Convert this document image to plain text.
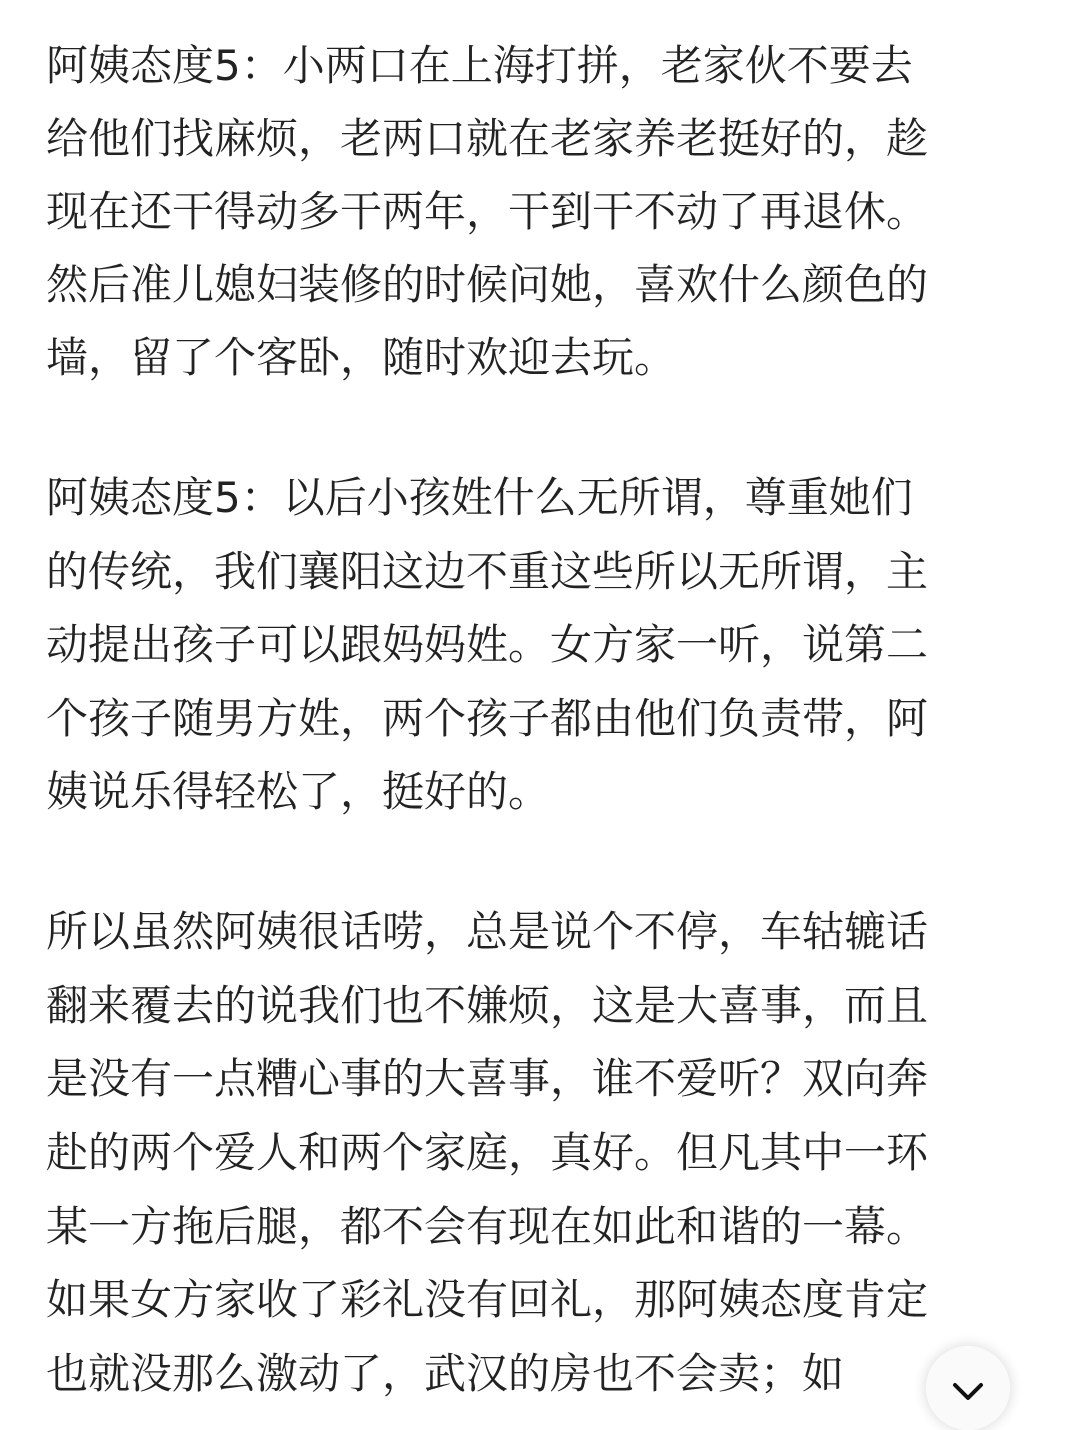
阿姨态度5：小两口在上海打拼，老家伙不要去
给他们找麻烦，老两口就在老家养老挺好的，趁
现在还干得动多干两年，干到干不动了再退休。
然后准儿媳妇装修的时候问她，喜欢什么颜色的
墙，留了个客卧，随时欢迎去玩。
阿姨态度5：以后小孩姓什么无所谓，尊重她们
的传统，我们襄阳这边不重这些所以无所谓，主
动提出孩子可以跟妈妈姓。女方家一听，说第二
个孩子随男方姓，两个孩子都由他们负责带，阿
姨说乐得轻松了，挺好的。
所以虽然阿姨很话唠，总是说个不停，车轱辘话
翻来覆去的说我们也不嫌烦，这是大喜事，而且
是没有一点糟心事的大喜事，谁不爱听？双向奔
赴的两个爱人和两个家庭，真好。但凡其中一环
某一方拖后腿，都不会有现在如此和谐的一幕。
如果女方家收了彩礼没有回礼，那阿姨态度肯定
也就没那么激动了，武汉的房也不会卖；如
